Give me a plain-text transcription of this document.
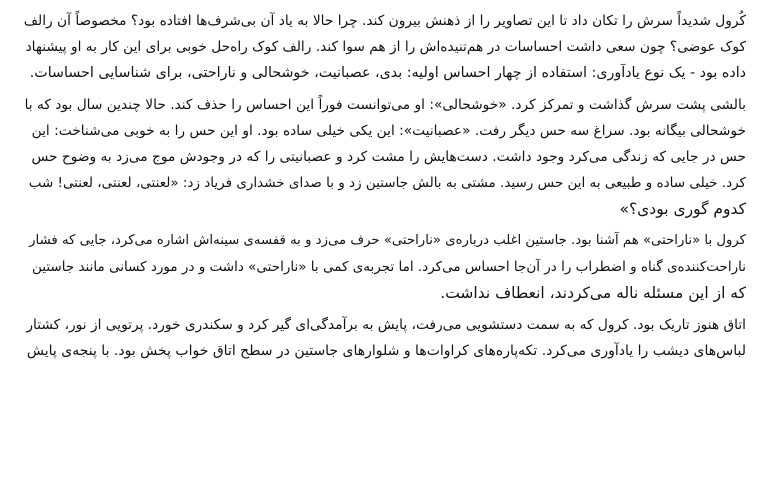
کُرول شدیداً سرش را تکان داد تا این تصاویر را از ذهنش بیرون کند. چرا حالا به یاد آن بی‌شرف‌ها افتاده بود؟ مخصوصاً آن رالف
کوک عوضی؟ چون سعی داشت احساسات در هم‌تنیده‌اش را از هم سوا کند. رالف کوک راه‌حل خوبی برای این کار به او پیشنهاد
داده بود - یک نوع یادآوری: استفاده از چهار احساس اولیه: بدی، عصبانیت، خوشحالی و ناراحتی، برای شناسایی احساسات.

بالشی پشت سرش گذاشت و تمرکز کرد. «خوشحالی»: او می‌توانست فوراً این احساس را حذف کند. حالا چندین سال بود که با
خوشحالی بیگانه بود. سراغ سه حس دیگر رفت. «عصبانیت»: این یکی خیلی ساده بود. او این حس را به خوبی می‌شناخت: این
حس در جایی که زندگی می‌کرد وجود داشت. دست‌هایش را مشت کرد و عصبانیتی را که در وجودش موج می‌زد به وضوح حس
کرد. خیلی ساده و طبیعی به این حس رسید. مشتی به بالش جاستین زد و با صدای خشداری فریاد زد: «لعنتی، لعنتی، لعنتی! شب
کدوم گوری بودی؟»

کرول با «ناراحتی» هم آشنا بود. جاستین اغلب درباره‌ی «ناراحتی» حرف می‌زد و به قفسه‌ی سینه‌اش اشاره می‌کرد، جایی که فشار
ناراحت‌کننده‌ی گناه و اضطراب را در آن‌جا احساس می‌کرد. اما تجربه‌ی کمی با «ناراحتی» داشت و در مورد کسانی مانند جاستین
که از این مسئله ناله می‌کردند، انعطاف نداشت.

اتاق هنوز تاریک بود. کرول که به سمت دستشویی می‌رفت، پایش به برآمدگی‌ای گیر کرد و سکندری خورد. پرتویی از نور، کشتار
لباس‌های دیشب را یادآوری می‌کرد. تکه‌پاره‌های کراوات‌ها و شلوارهای جاستین در سطح اتاق خواب پخش بود. با پنجه‌ی پایش
